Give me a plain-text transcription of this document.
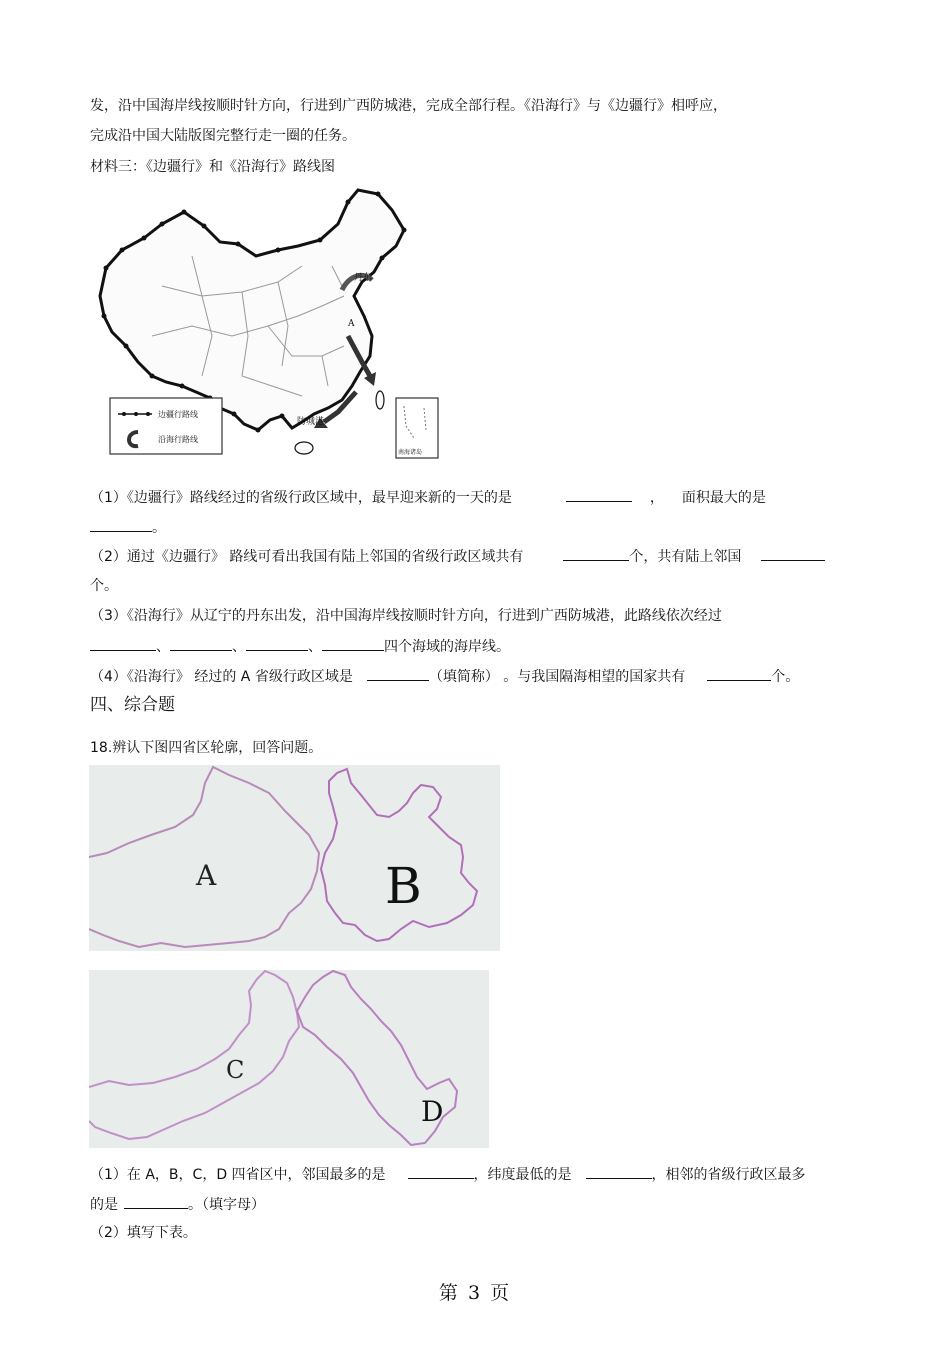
发，沿中国海岸线按顺时针方向，行进到广西防城港，完成全部行程。《沿海行》与《边疆行》相呼应，
完成沿中国大陆版图完整行走一圈的任务。
材料三：《边疆行》和《沿海行》路线图
丹东
A
防城港
边疆行路线
沿海行路线
南海诸岛
（1）《边疆行》路线经过的省级行政区域中，最早迎来新的一天的是	， 面积最大的是
。
（2）通过《边疆行》 路线可看出我国有陆上邻国的省级行政区域共有	个，共有陆上邻国
个。
（3）《沿海行》从辽宁的丹东出发，沿中国海岸线按顺时针方向，行进到广西防城港，此路线依次经过
、	、	、	四个海域的海岸线。
（4）《沿海行》 经过的 A 省级行政区域是	（填简称） 。与我国隔海相望的国家共有	个。
四、综合题
18.辨认下图四省区轮廓，回答问题。
A	B
C
D
（1）在 A，B，C，D 四省区中，邻国最多的是	，纬度最低的是	，相邻的省级行政区最多
的是	。（填字母）
（2）填写下表。
第 3 页
